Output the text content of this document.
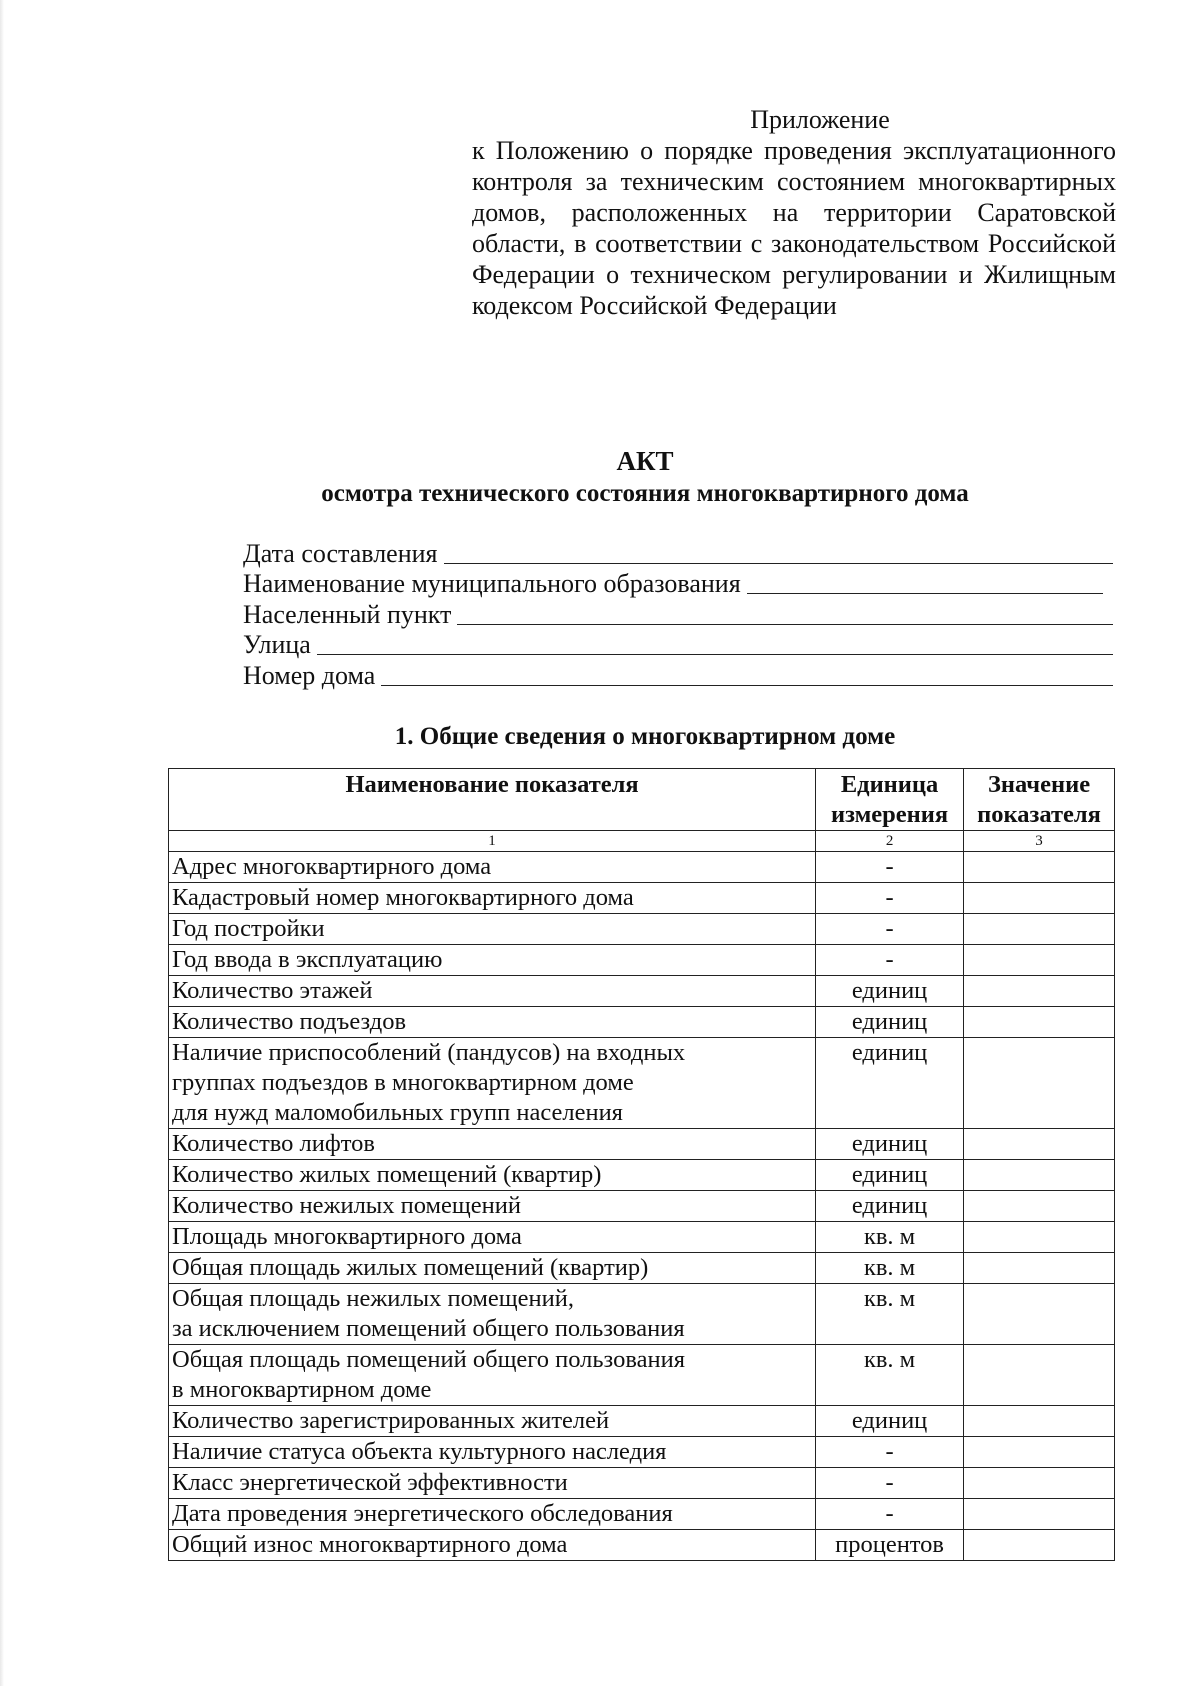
Приложение
к Положению о порядке проведения эксплуатационного контроля за техническим состоянием многоквартирных домов, расположенных на территории Саратовской области, в соответствии с законодательством Российской Федерации о техническом регулировании и Жилищным кодексом Российской Федерации
АКТ
осмотра технического состояния многоквартирного дома
Дата составления
Наименование муниципального образования
Населенный пункт
Улица
Номер дома
1. Общие сведения о многоквартирном доме
Наименование показателя	Единица измерения	Значение показателя
1	2	3

Адрес многоквартирного дома	-	

Кадастровый номер многоквартирного дома	-	

Год постройки	-	

Год ввода в эксплуатацию	-	

Количество этажей	единиц	

Количество подъездов	единиц	

Наличие приспособлений (пандусов) на входных
группах подъездов в многоквартирном доме
для нужд маломобильных групп населения	единиц	

Количество лифтов	единиц	

Количество жилых помещений (квартир)	единиц	

Количество нежилых помещений	единиц	

Площадь многоквартирного дома	кв. м	

Общая площадь жилых помещений (квартир)	кв. м	

Общая площадь нежилых помещений,
за исключением помещений общего пользования	кв. м	

Общая площадь помещений общего пользования
в многоквартирном доме	кв. м	

Количество зарегистрированных жителей	единиц	

Наличие статуса объекта культурного наследия	-	

Класс энергетической эффективности	-	

Дата проведения энергетического обследования	-	

Общий износ многоквартирного дома	процентов	
